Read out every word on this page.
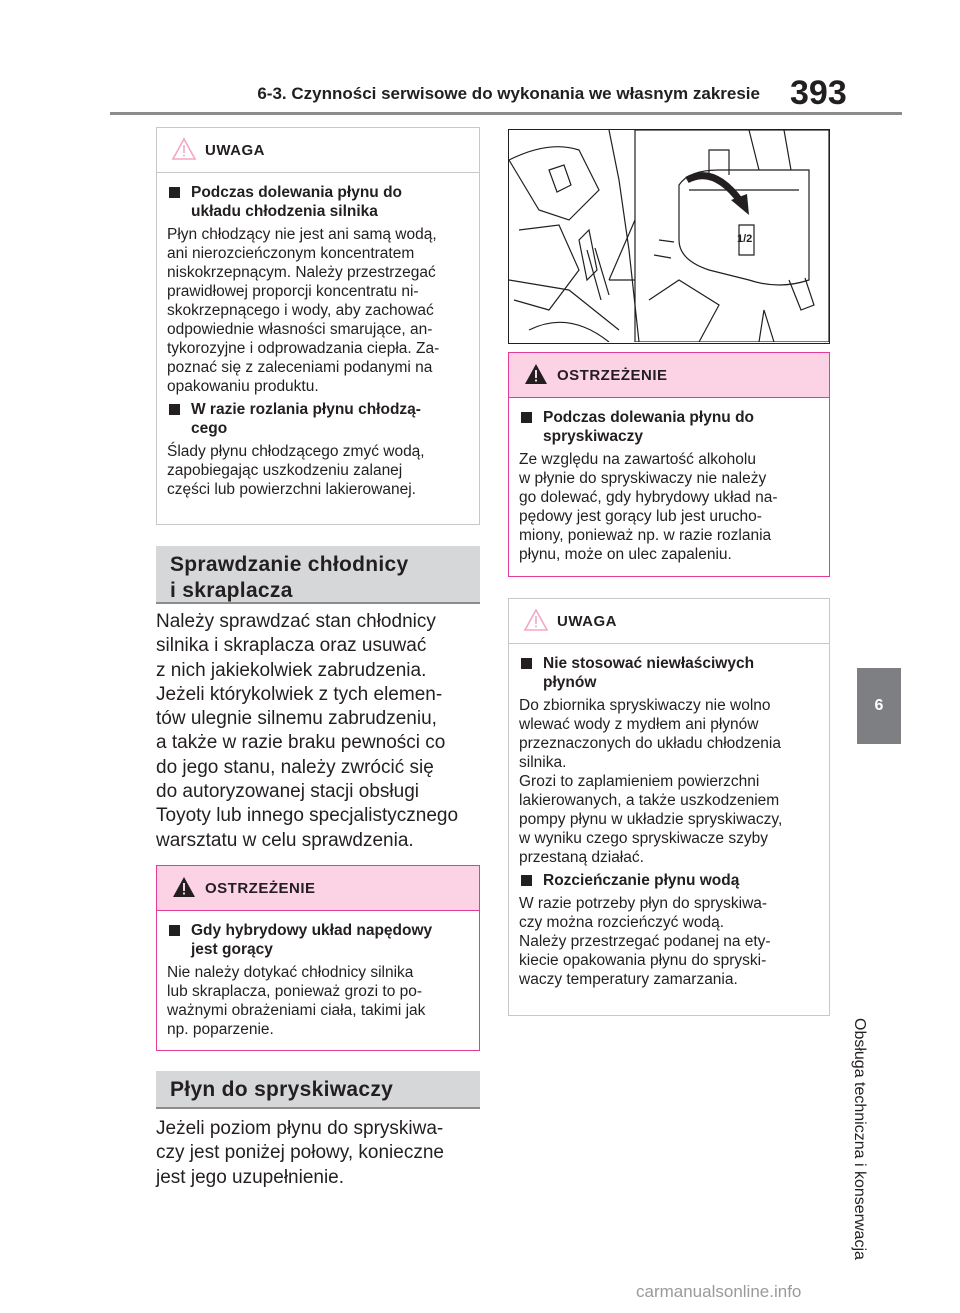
6-3. Czynności serwisowe do wykonania we własnym zakresie 393
6
Obsługa techniczna i konserwacja
UWAGA
Podczas dolewania płynu do
układu chłodzenia silnika
Płyn chłodzący nie jest ani samą wodą,
ani nierozcieńczonym koncentratem
niskokrzepnącym. Należy przestrzegać
prawidłowej proporcji koncentratu ni-
skokrzepnącego i wody, aby zachować
odpowiednie własności smarujące, an-
tykorozyjne i odprowadzania ciepła. Za-
poznać się z zaleceniami podanymi na
opakowaniu produktu.
W razie rozlania płynu chłodzą-
cego
Ślady płynu chłodzącego zmyć wodą,
zapobiegając uszkodzeniu zalanej
części lub powierzchni lakierowanej.
Sprawdzanie chłodnicy
i skraplacza
Należy sprawdzać stan chłodnicy
silnika i skraplacza oraz usuwać
z nich jakiekolwiek zabrudzenia.
Jeżeli którykolwiek z tych elemen-
tów ulegnie silnemu zabrudzeniu,
a także w razie braku pewności co
do jego stanu, należy zwrócić się
do autoryzowanej stacji obsługi
Toyoty lub innego specjalistycznego
warsztatu w celu sprawdzenia.
OSTRZEŻENIE
Gdy hybrydowy układ napędowy
jest gorący
Nie należy dotykać chłodnicy silnika
lub skraplacza, ponieważ grozi to po-
ważnymi obrażeniami ciała, takimi jak
np. poparzenie.
Płyn do spryskiwaczy
Jeżeli poziom płynu do spryskiwa-
czy jest poniżej połowy, konieczne
jest jego uzupełnienie.
1/2
OSTRZEŻENIE
Podczas dolewania płynu do
spryskiwaczy
Ze względu na zawartość alkoholu
w płynie do spryskiwaczy nie należy
go dolewać, gdy hybrydowy układ na-
pędowy jest gorący lub jest urucho-
miony, ponieważ np. w razie rozlania
płynu, może on ulec zapaleniu.
UWAGA
Nie stosować niewłaściwych
płynów
Do zbiornika spryskiwaczy nie wolno
wlewać wody z mydłem ani płynów
przeznaczonych do układu chłodzenia
silnika.
Grozi to zaplamieniem powierzchni
lakierowanych, a także uszkodzeniem
pompy płynu w układzie spryskiwaczy,
w wyniku czego spryskiwacze szyby
przestaną działać.
Rozcieńczanie płynu wodą
W razie potrzeby płyn do spryskiwa-
czy można rozcieńczyć wodą.
Należy przestrzegać podanej na ety-
kiecie opakowania płynu do spryski-
waczy temperatury zamarzania.
carmanualsonline.info
